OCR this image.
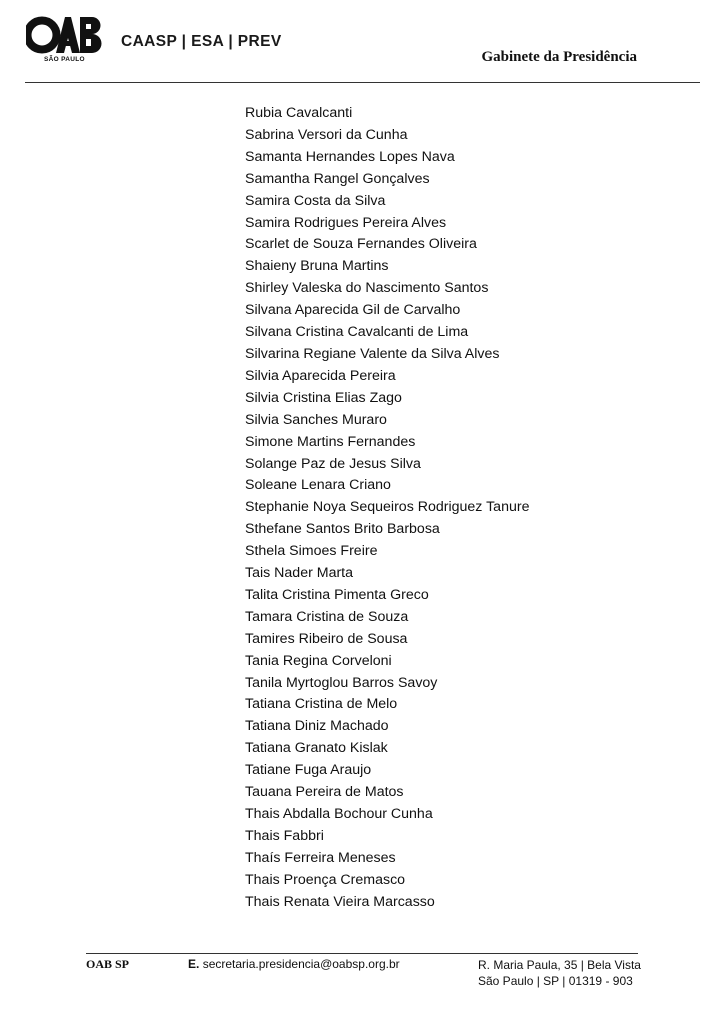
SÃO PAULO
CAASP | ESA | PREV
Gabinete da Presidência
Rubia Cavalcanti
Sabrina Versori da Cunha
Samanta Hernandes Lopes Nava
Samantha Rangel Gonçalves
Samira Costa da Silva
Samira Rodrigues Pereira Alves
Scarlet de Souza Fernandes Oliveira
Shaieny Bruna Martins
Shirley Valeska do Nascimento Santos
Silvana Aparecida Gil de Carvalho
Silvana Cristina Cavalcanti de Lima
Silvarina Regiane Valente da Silva Alves
Silvia Aparecida Pereira
Silvia Cristina Elias Zago
Silvia Sanches Muraro
Simone Martins Fernandes
Solange Paz de Jesus Silva
Soleane Lenara Criano
Stephanie Noya Sequeiros Rodriguez Tanure
Sthefane Santos Brito Barbosa
Sthela Simoes Freire
Tais Nader Marta
Talita Cristina Pimenta Greco
Tamara Cristina de Souza
Tamires Ribeiro de Sousa
Tania Regina Corveloni
Tanila Myrtoglou Barros Savoy
Tatiana Cristina de Melo
Tatiana Diniz Machado
Tatiana Granato Kislak
Tatiane Fuga Araujo
Tauana Pereira de Matos
Thais Abdalla Bochour Cunha
Thais Fabbri
Thaís Ferreira Meneses
Thais Proença Cremasco
Thais Renata Vieira Marcasso
OAB SP	E. secretaria.presidencia@oabsp.org.br	R. Maria Paula, 35 | Bela Vista
São Paulo | SP | 01319 - 903
